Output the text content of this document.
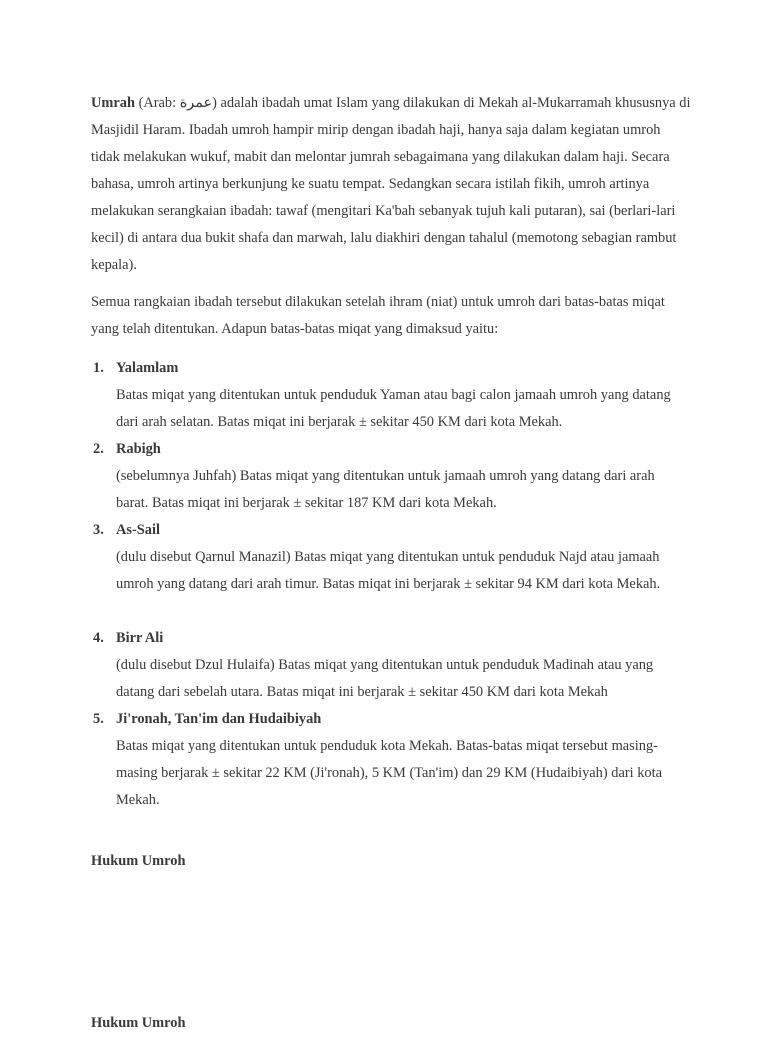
Umrah (Arab: عمرة) adalah ibadah umat Islam yang dilakukan di Mekah al-Mukarramah khususnya di Masjidil Haram. Ibadah umroh hampir mirip dengan ibadah haji, hanya saja dalam kegiatan umroh tidak melakukan wukuf, mabit dan melontar jumrah sebagaimana yang dilakukan dalam haji. Secara bahasa, umroh artinya berkunjung ke suatu tempat. Sedangkan secara istilah fikih, umroh artinya melakukan serangkaian ibadah: tawaf (mengitari Ka'bah sebanyak tujuh kali putaran), sai (berlari-lari kecil) di antara dua bukit shafa dan marwah, lalu diakhiri dengan tahalul (memotong sebagian rambut kepala).

Semua rangkaian ibadah tersebut dilakukan setelah ihram (niat) untuk umroh dari batas-batas miqat yang telah ditentukan. Adapun batas-batas miqat yang dimaksud yaitu:

1. Yalamlam

Batas miqat yang ditentukan untuk penduduk Yaman atau bagi calon jamaah umroh yang datang dari arah selatan. Batas miqat ini berjarak ± sekitar 450 KM dari kota Mekah.

2. Rabigh

(sebelumnya Juhfah) Batas miqat yang ditentukan untuk jamaah umroh yang datang dari arah barat. Batas miqat ini berjarak ± sekitar 187 KM dari kota Mekah.

3. As-Sail

(dulu disebut Qarnul Manazil) Batas miqat yang ditentukan untuk penduduk Najd atau jamaah umroh yang datang dari arah timur. Batas miqat ini berjarak ± sekitar 94 KM dari kota Mekah.

4. Birr Ali

(dulu disebut Dzul Hulaifa) Batas miqat yang ditentukan untuk penduduk Madinah atau yang datang dari sebelah utara. Batas miqat ini berjarak ± sekitar 450 KM dari kota Mekah

5. Ji'ronah, Tan'im dan Hudaibiyah

Batas miqat yang ditentukan untuk penduduk kota Mekah. Batas-batas miqat tersebut masing-masing berjarak ± sekitar 22 KM (Ji'ronah), 5 KM (Tan'im) dan 29 KM (Hudaibiyah) dari kota Mekah.

Hukum Umroh
Hukum Umroh
